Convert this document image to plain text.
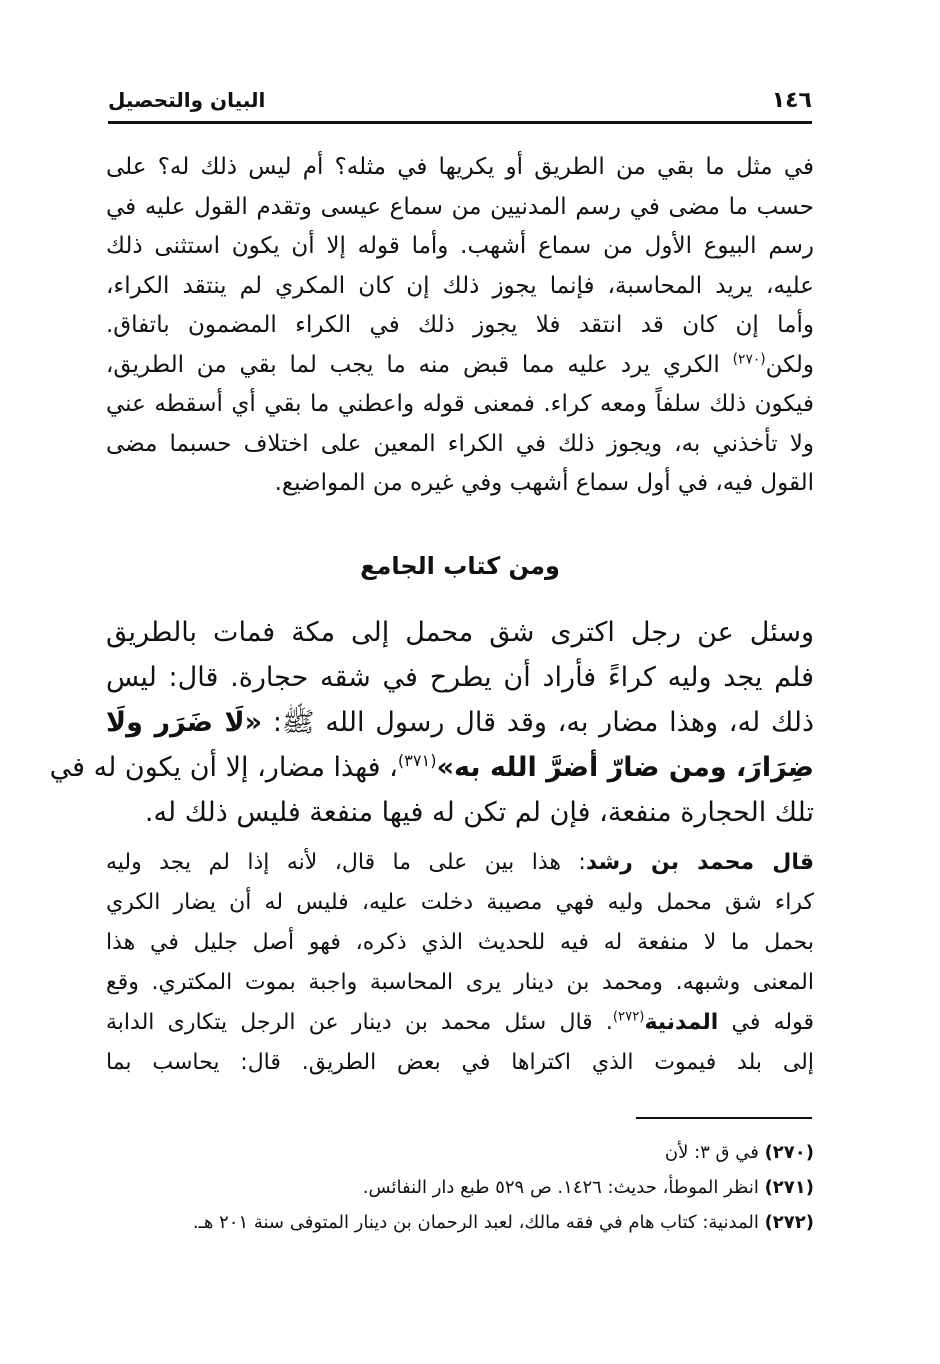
١٤٦
البيان والتحصيل
في مثل ما بقي من الطريق أو يكريها في مثله؟ أم ليس ذلك له؟ على
حسب ما مضى في رسم المدنيين من سماع عيسى وتقدم القول عليه في
رسم البيوع الأول من سماع أشهب. وأما قوله إلا أن يكون استثنى ذلك
عليه، يريد المحاسبة، فإنما يجوز ذلك إن كان المكري لم ينتقد الكراء،
وأما إن كان قد انتقد فلا يجوز ذلك في الكراء المضمون باتفاق.
ولكن$^{(٢٧٠)}$ الكري يرد عليه مما قبض منه ما يجب لما بقي من الطريق،
فيكون ذلك سلفاً ومعه كراء. فمعنى قوله واعطني ما بقي أي أسقطه عني
ولا تأخذني به، ويجوز ذلك في الكراء المعين على اختلاف حسبما مضى
القول فيه، في أول سماع أشهب وفي غيره من المواضيع.
ومن كتاب الجامع
وسئل عن رجل اكترى شق محمل إلى مكة فمات بالطريق
فلم يجد وليه كراءً فأراد أن يطرح في شقه حجارة. قال: ليس
ذلك له، وهذا مضار به، وقد قال رسول الله ﷺ: «لَا ضَرَر ولَا
ضِرَارَ، ومن ضارّ أضرَّ الله به»$^{(٣٧١)}$، فهذا مضار، إلا أن يكون له في
تلك الحجارة منفعة، فإن لم تكن له فيها منفعة فليس ذلك له.
قال محمد بن رشد: هذا بين على ما قال، لأنه إذا لم يجد وليه
كراء شق محمل وليه فهي مصيبة دخلت عليه، فليس له أن يضار الكري
بحمل ما لا منفعة له فيه للحديث الذي ذكره، فهو أصل جليل في هذا
المعنى وشبهه. ومحمد بن دينار يرى المحاسبة واجبة بموت المكتري. وقع
قوله في المدنية$^{(٢٧٢)}$. قال سئل محمد بن دينار عن الرجل يتكارى الدابة
إلى بلد فيموت الذي اكتراها في بعض الطريق. قال: يحاسب بما
(٢٧٠) في ق ٣: لأن
(٢٧١) انظر الموطأ، حديث: ١٤٢٦. ص ٥٢٩ طبع دار النفائس.
(٢٧٢) المدنية: كتاب هام في فقه مالك، لعبد الرحمان بن دينار المتوفى سنة ٢٠١ هـ.
